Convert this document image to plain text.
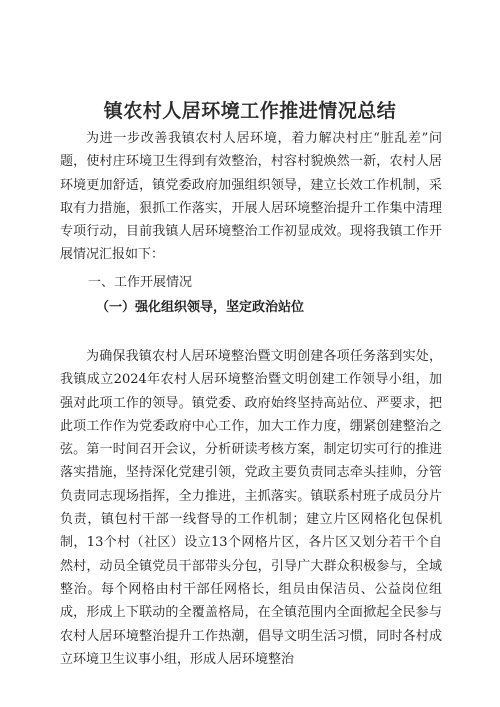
镇农村人居环境工作推进情况总结

为进一步改善我镇农村人居环境，着力解决村庄“脏乱差”问题，使村庄环境卫生得到有效整治，村容村貌焕然一新，农村人居环境更加舒适，镇党委政府加强组织领导，建立长效工作机制，采取有力措施，狠抓工作落实，开展人居环境整治提升工作集中清理专项行动，目前我镇人居环境整治工作初显成效。现将我镇工作开展情况汇报如下：

一、工作开展情况
（一）强化组织领导，坚定政治站位

为确保我镇农村人居环境整治暨文明创建各项任务落到实处，我镇成立2024年农村人居环境整治暨文明创建工作领导小组，加强对此项工作的领导。镇党委、政府始终坚持高站位、严要求，把此项工作作为党委政府中心工作，加大工作力度，绷紧创建整治之弦。第一时间召开会议，分析研读考核方案，制定切实可行的推进落实措施，坚持深化党建引领，党政主要负责同志牵头挂帅，分管负责同志现场指挥，全力推进，主抓落实。镇联系村班子成员分片负责，镇包村干部一线督导的工作机制；建立片区网格化包保机制，13个村（社区）设立13个网格片区，各片区又划分若干个自然村，动员全镇党员干部带头分包，引导广大群众积极参与，全域整治。每个网格由村干部任网格长，组员由保洁员、公益岗位组成，形成上下联动的全覆盖格局，在全镇范围内全面掀起全民参与农村人居环境整治提升工作热潮，倡导文明生活习惯，同时各村成立环境卫生议事小组，形成人居环境整治
